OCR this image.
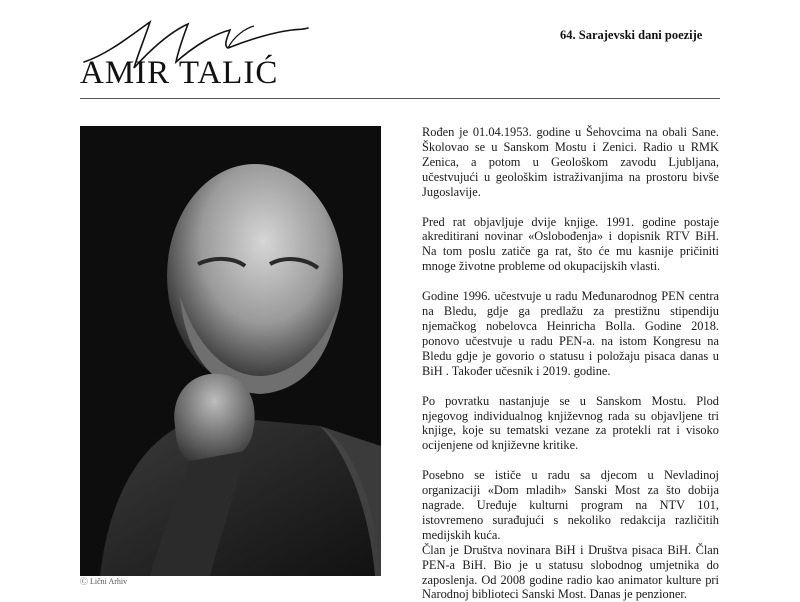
AMIR TALIĆ
64. Sarajevski dani poezije
Ⓒ Lični Arhiv

Rođen je 01.04.1953. godine u Šehovcima na obali Sane. Školovao se u Sanskom Mostu i Zenici. Radio u RMK Zenica, a potom u Geološkom zavodu Ljubljana, učestvujući u geološkim istraživanjima na prostoru bivše Jugoslavije.

Pred rat objavljuje dvije knjige. 1991. godine postaje akreditirani novinar «Oslobođenja» i dopisnik RTV BiH. Na tom poslu zatiče ga rat, što će mu kasnije pričiniti mnoge životne probleme od okupacijskih vlasti.

Godine 1996. učestvuje u radu Međunarodnog PEN centra na Bledu, gdje ga predlažu za prestižnu stipendiju njemačkog nobelovca Heinricha Bolla. Godine 2018. ponovo učestvuje u radu PEN-a. na istom Kongresu na Bledu gdje je govorio o statusu i položaju pisaca danas u BiH . Također učesnik i 2019. godine.

Po povratku nastanjuje se u Sanskom Mostu. Plod njegovog individualnog književnog rada su objavljene tri knjige, koje su tematski vezane za protekli rat i visoko ocijenjene od književne kritike.

Posebno se ističe u radu sa djecom u Nevladinoj organizaciji «Dom mladih» Sanski Most za što dobija nagrade. Uređuje kulturni program na NTV 101, istovremeno surađujući s nekoliko redakcija različitih medijskih kuća.

Član je Društva novinara BiH i Društva pisaca BiH. Član PEN-a BiH. Bio je u statusu slobodnog umjetnika do zaposlenja. Od 2008 godine radio kao animator kulture pri Narodnoj biblioteci Sanski Most. Danas je penzioner.
